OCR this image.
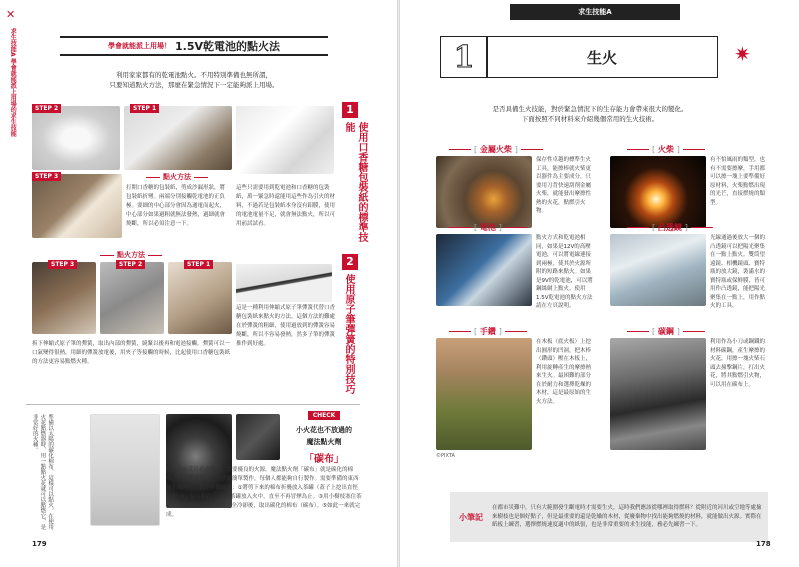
✕
求生技能A 學會就能派上用場的求生技能	學會就能派上用場！ 1.5V乾電池的點火法
利用家家都有的乾電池點火。不用特別準備也無所謂，
只要知道點火方法，那麼在緊急情況下一定能夠派上用場。
STEP 2	STEP 1
STEP 3	點火方法
打開口香糖的包裝紙，剪成沙漏形狀，將包裝紙折彎。兩端分別接觸乾電池的正負極。要細的中心部分會因為通電而起火，中心部分如果過粗就無法發熱，過細就會燒斷，所以必須注意一下。
這些只需要用到乾電池和口香糖的包裝紙，萬一緊急時還能用這些作為引火的材料，不過若是包裝紙本身沒有鋁膜，使用的電池電量不足，就會無法點火，所以可用前試試看。
1
使用口香糖包裝紙的標準技能
點火方法
STEP 3	STEP 2	STEP 1
這是一種利用伸縮式原子筆彈簧代替口香糖包裝紙來點火的方法。這個方法的難處在於彈簧的粗細，使用過放到的彈簧容易燒斷，所以不容易發熱，然多子筆的彈簧推作到好處。
拆下伸縮式原子筆的彈簧，取出內部的彈簧，繞緊以後再和電池接觸。彈簧可以一口氣變得很熱，用細的彈簧放電後，用夾子等接觸的時候，比起使用口香糖包裝紙的方法更容易點燃火種。
2
使用原子筆彈簧的特別技巧
準備以太陽的碳化棉布，這樣可以點火。在使用火花點燃器時，用一點點火花就可以點燃它，是非常好的火種。	CHECK
小火花也不放過的
魔法點火劑
「碳布」
想把小火花培養成篝火，需要優良的火源。魔法點火劑「碳布」就是碳化的棉布。只要備齊工具，不就能簡單製作，每個人都能夠自行製作。需要準備的東西如左圖所示，製作步驟如下：①將剪下來的棉布折疊放入茶罐（蓋子上挖出直徑約2～3公釐的開孔）。②將茶罐放入火中，直至不再冒煙為止。③用小樹枝塞住茶罐蓋上的開孔。④待茶罐完全冷卻後，取出碳化的棉布（碳布）。⑤如此一來就完成。
179
求生技能A
1	生火	✷
是否具備生火技能，對於緊急情況下的生存能力會帶來很大的變化。
下面按照不同材料來介紹幾個常用的生火技術。
[
金屬火柴
]	[
火柴
]
保存性卓越的標準生火工具，能擦棒就火柴更以器件為主要成分，只要用刀背快速刮削金屬火柴，就能發出摩擦性熱的火花，點燃引火物。
有不怕風雨的類型，也有不需要擦摩，手用都可以擦一塊上要準備好原材料，火柴點燃出現的光芒，直接燃燒的類型。
[
電池
]	[
凸透鏡
]
點火方式和乾電池相同，如果是12V的高壓電池，可以將電線連接到兩極，使其於火源所附的短路來點火。如果是9V的乾電池，可以將鋼絲網上點火。使用1.5V乾電池的點火方法請在左頁說明。
光線通過後放大一個的凸透鏡可以把陽光聚集在一點上點火。雙筒望遠鏡、相機鏡頭、寶特瓶的放大鏡，裝滿水的寶特瓶或保鮮膜，皆可用作凸透鏡，能把陽光聚集在一點上，用作點火的工具。
[
手鑽
]	[
碳鋼
]
在木板（底火板）上挖出圓形的凹洞，把木棒（鑽頭）壓在木板上，利用旋轉產生的摩擦熱來生火。最困難的部分在於耐力和選擇乾燥的木材，這是最原始的生火方法。
利用作為小刀或鋼鐵的材料碳鋼，產生摩擦的火花，用擦一塊火柴石頭去撞擊鋼片，打出火花，將其點燃引火物，可以用在碳布上。
©PIXTA
小筆記
在都市災難中，只有大範圍發生斷電時才需要生火，這時我們應該從哪裡取得燃料？從附近的河川或空地等處撿來樹枝也是個好點子，但是最重要的還是乾燥的木材，從廢棄物中找出能夠燃燒的材料，就能做出火源。實際在紙板上練習，選擇燃燒速度適中的紙張，也是非常重要的求生技能，務必先練習一下。
178
